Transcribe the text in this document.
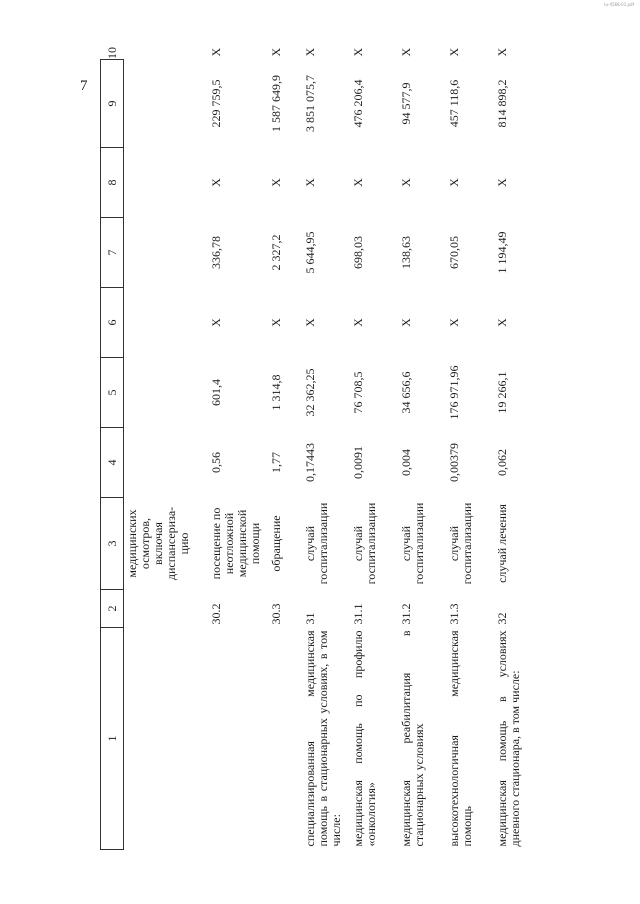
ru-4568-01.pdf
7
1	2	3	4	5	6	7	8	9	10
		медицинских осмотров, включая диспансериза-цию							
	30.2	посещение по неотложной медицинской помощи	0,56	601,4	X	336,78	X	229 759,5	X
	30.3	обращение	1,77	1 314,8	X	2 327,2	X	1 587 649,9	X
специализированная медицинская помощь в стационарных условиях, в том числе:	31	случай госпитализации	0,17443	32 362,25	X	5 644,95	X	3 851 075,7	X
медицинская помощь по профилю «онкология»	31.1	случай госпитализации	0,0091	76 708,5	X	698,03	X	476 206,4	X
медицинская реабилитация в стационарных условиях	31.2	случай госпитализации	0,004	34 656,6	X	138,63	X	94 577,9	X
высокотехнологичная медицинская помощь	31.3	случай госпитализации	0,00379	176 971,96	X	670,05	X	457 118,6	X
медицинская помощь в условиях дневного стационара, в том числе:	32	случай лечения	0,062	19 266,1	X	1 194,49	X	814 898,2	X
